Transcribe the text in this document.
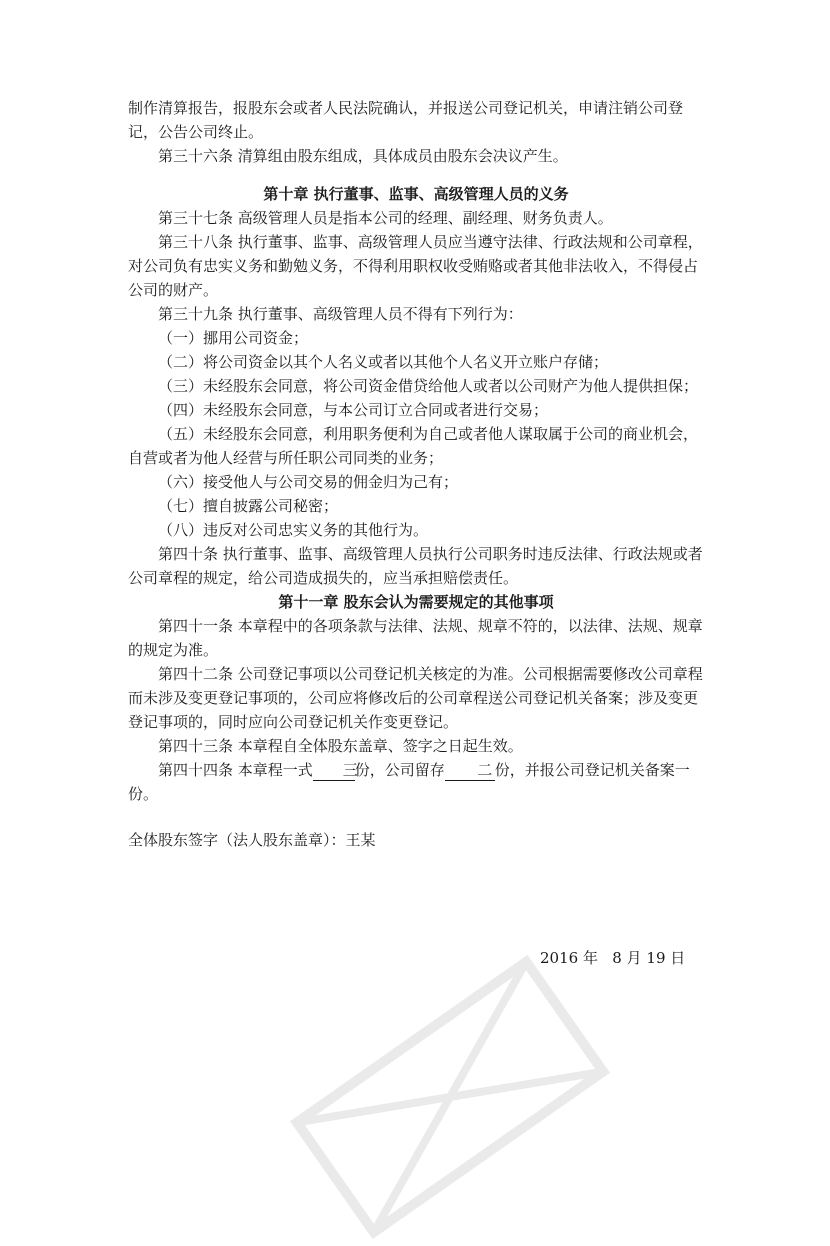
制作清算报告，报股东会或者人民法院确认，并报送公司登记机关，申请注销公司登记，公告公司终止。

第三十六条 清算组由股东组成，具体成员由股东会决议产生。

第十章 执行董事、监事、高级管理人员的义务

第三十七条 高级管理人员是指本公司的经理、副经理、财务负责人。

第三十八条 执行董事、监事、高级管理人员应当遵守法律、行政法规和公司章程，对公司负有忠实义务和勤勉义务，不得利用职权收受贿赂或者其他非法收入，不得侵占公司的财产。

第三十九条 执行董事、高级管理人员不得有下列行为：

（一）挪用公司资金；

（二）将公司资金以其个人名义或者以其他个人名义开立账户存储；

（三）未经股东会同意，将公司资金借贷给他人或者以公司财产为他人提供担保；

（四）未经股东会同意，与本公司订立合同或者进行交易；

（五）未经股东会同意，利用职务便利为自己或者他人谋取属于公司的商业机会，自营或者为他人经营与所任职公司同类的业务；

（六）接受他人与公司交易的佣金归为己有；

（七）擅自披露公司秘密；

（八）违反对公司忠实义务的其他行为。

第四十条 执行董事、监事、高级管理人员执行公司职务时违反法律、行政法规或者公司章程的规定，给公司造成损失的，应当承担赔偿责任。

第十一章 股东会认为需要规定的其他事项

第四十一条 本章程中的各项条款与法律、法规、规章不符的，以法律、法规、规章的规定为准。

第四十二条 公司登记事项以公司登记机关核定的为准。公司根据需要修改公司章程而未涉及变更登记事项的，公司应将修改后的公司章程送公司登记机关备案；涉及变更登记事项的，同时应向公司登记机关作变更登记。

第四十三条 本章程自全体股东盖章、签字之日起生效。

第四十四条 本章程一式 三份，公司留存 二 份，并报公司登记机关备案一份。

全体股东签字（法人股东盖章）：王某

2016 年 8 月 19 日
